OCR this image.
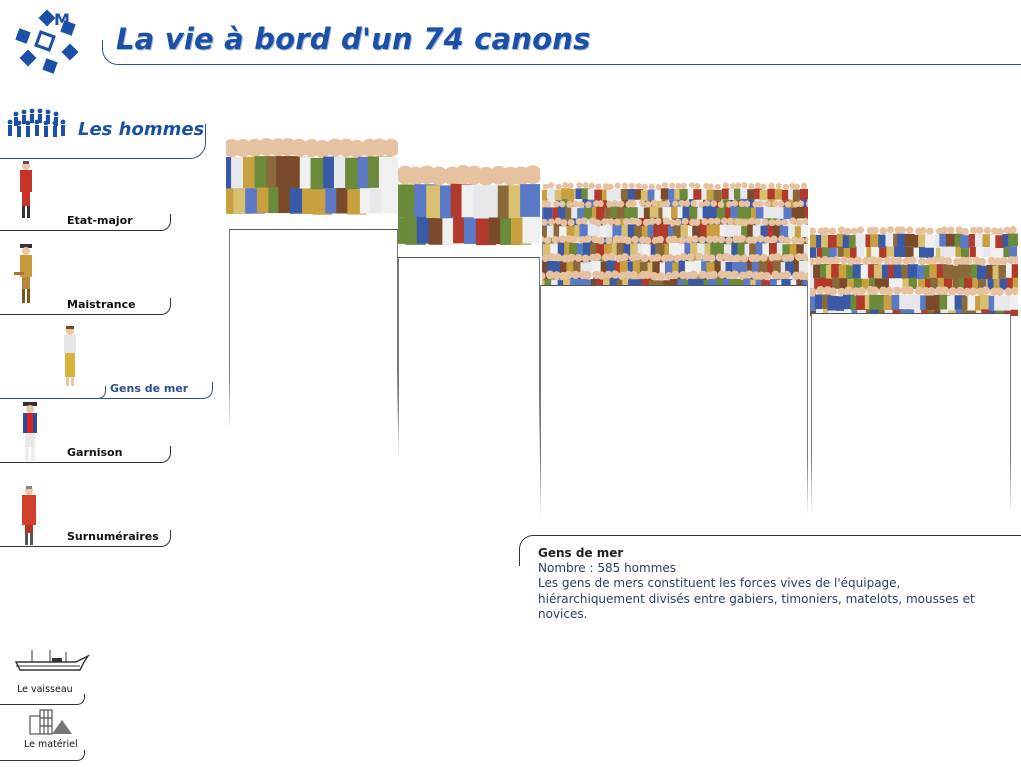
M
La vie à bord d'un 74 canons
Les hommes
Etat-major
Maistrance
Gens de mer
Garnison
Surnuméraires
Le vaisseau
Le matériel
Gens de mer
Nombre : 585 hommes
Les gens de mers constituent les forces vives de l'équipage, hiérarchiquement divisés entre gabiers, timoniers, matelots, mousses et novices.
